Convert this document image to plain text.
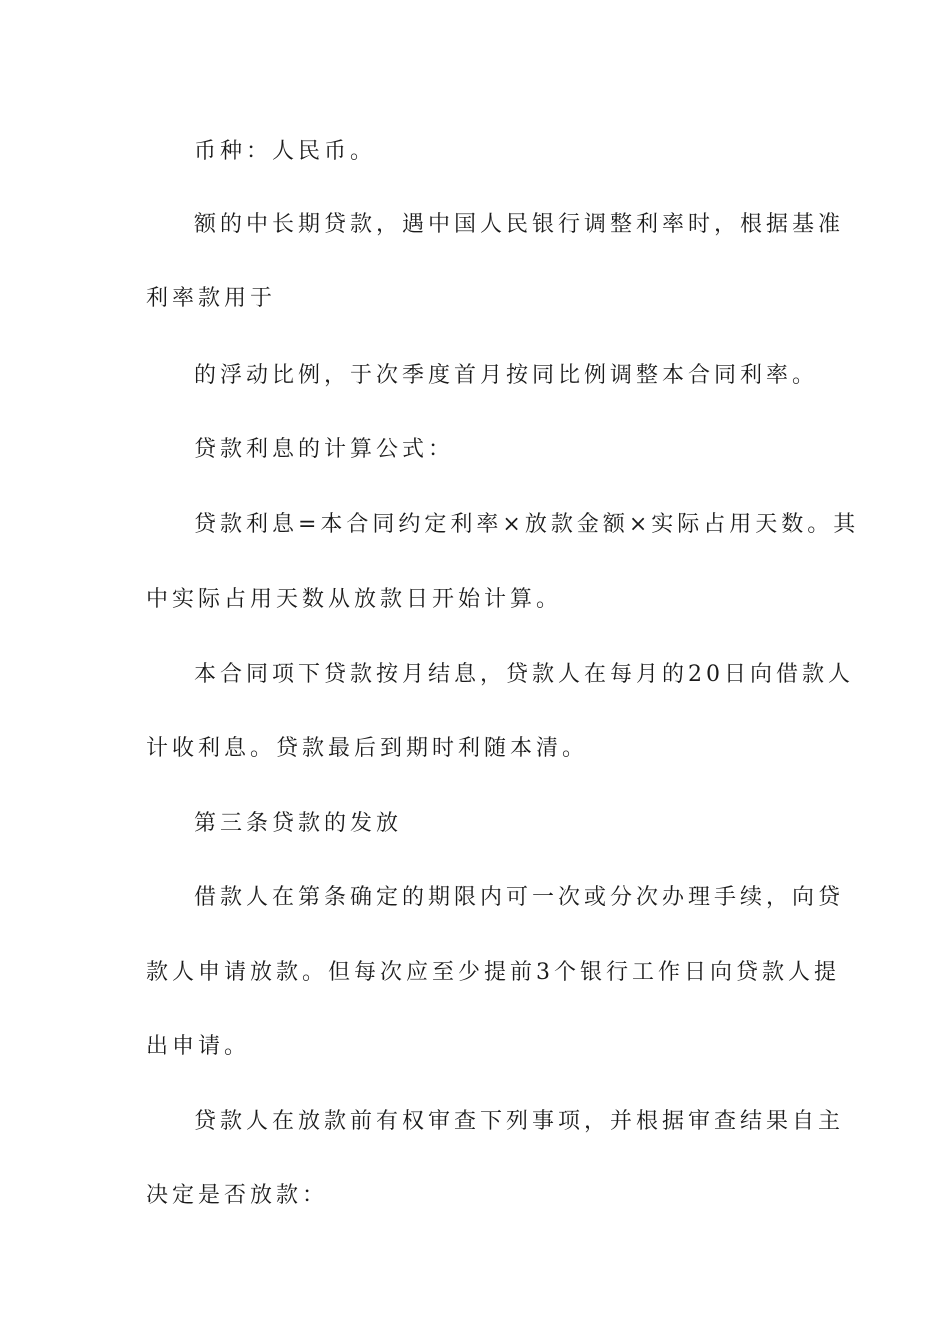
币种：人民币。
额的中长期贷款，遇中国人民银行调整利率时，根据基准
利率款用于
的浮动比例，于次季度首月按同比例调整本合同利率。
贷款利息的计算公式：
贷款利息=本合同约定利率×放款金额×实际占用天数。其
中实际占用天数从放款日开始计算。
本合同项下贷款按月结息，贷款人在每月的20日向借款人
计收利息。贷款最后到期时利随本清。
第三条贷款的发放
借款人在第条确定的期限内可一次或分次办理手续，向贷
款人申请放款。但每次应至少提前3个银行工作日向贷款人提
出申请。
贷款人在放款前有权审查下列事项，并根据审查结果自主
决定是否放款：
